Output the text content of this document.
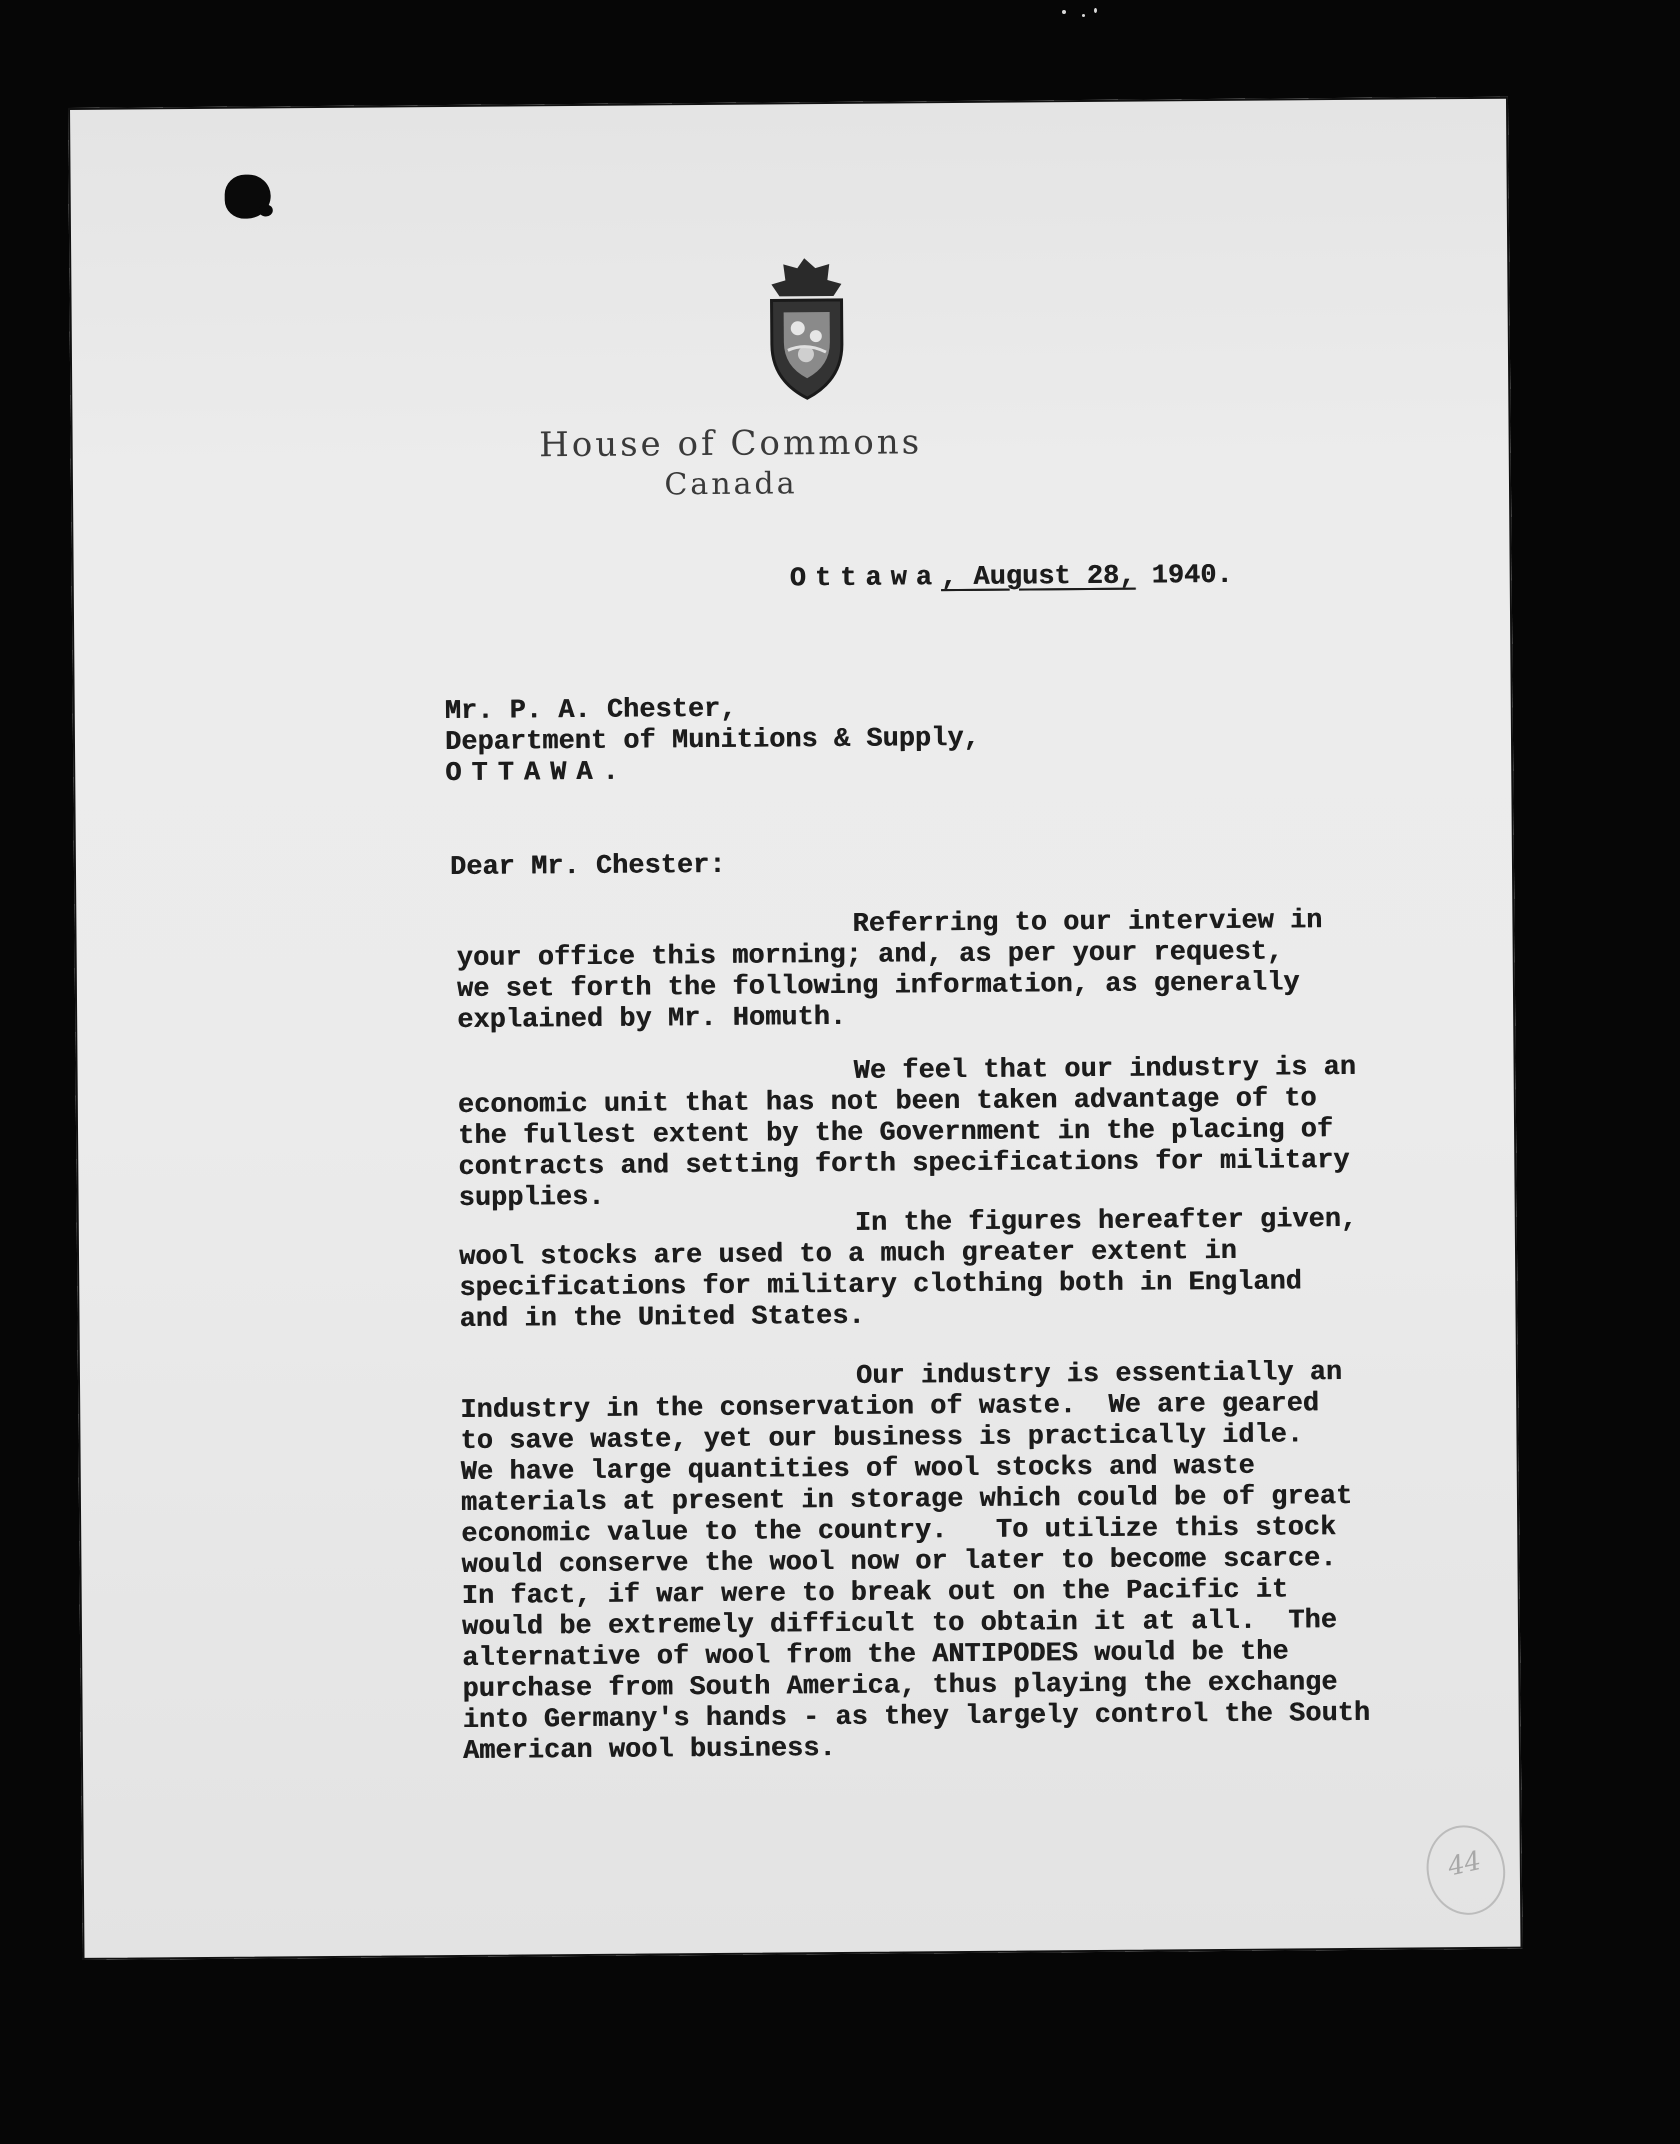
House of Commons
Canada
Ottawa, August 28, 1940.
Mr. P. A. Chester,
Department of Munitions & Supply,
OTTAWA.
Dear Mr. Chester:
Referring to our interview in
your office this morning; and, as per your request,
we set forth the following information, as generally
explained by Mr. Homuth.
We feel that our industry is an
economic unit that has not been taken advantage of to
the fullest extent by the Government in the placing of
contracts and setting forth specifications for military
supplies.
In the figures hereafter given,
wool stocks are used to a much greater extent in
specifications for military clothing both in England
and in the United States.
Our industry is essentially an
Industry in the conservation of waste.  We are geared
to save waste, yet our business is practically idle.
We have large quantities of wool stocks and waste
materials at present in storage which could be of great
economic value to the country.   To utilize this stock
would conserve the wool now or later to become scarce.
In fact, if war were to break out on the Pacific it
would be extremely difficult to obtain it at all.  The
alternative of wool from the ANTIPODES would be the
purchase from South America, thus playing the exchange
into Germany's hands - as they largely control the South
American wool business.
44
